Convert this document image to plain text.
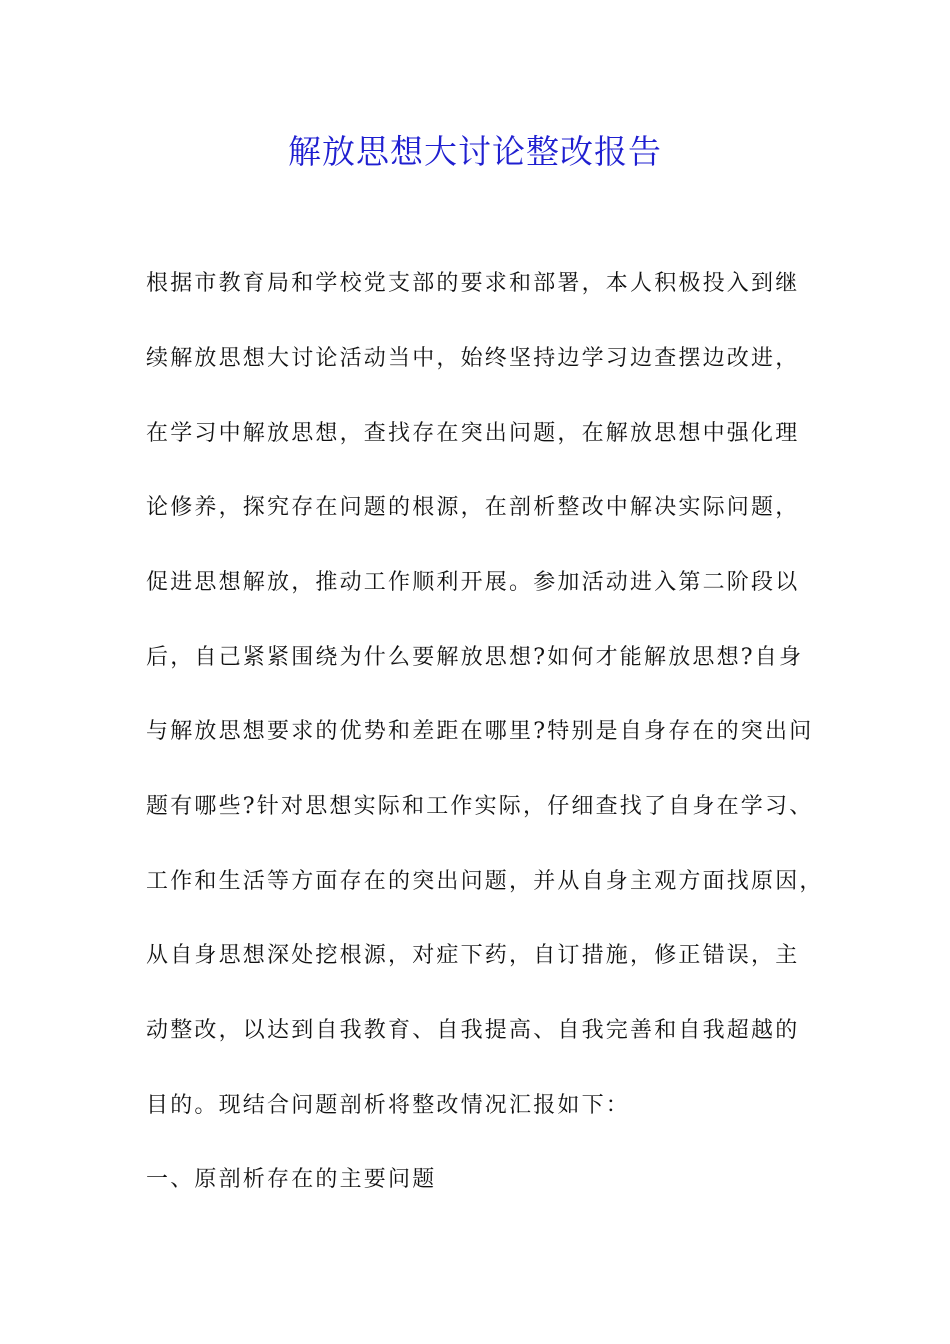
解放思想大讨论整改报告
根据市教育局和学校党支部的要求和部署，本人积极投入到继
续解放思想大讨论活动当中，始终坚持边学习边查摆边改进，
在学习中解放思想，查找存在突出问题，在解放思想中强化理
论修养，探究存在问题的根源，在剖析整改中解决实际问题，
促进思想解放，推动工作顺利开展。参加活动进入第二阶段以
后，自己紧紧围绕为什么要解放思想?如何才能解放思想?自身
与解放思想要求的优势和差距在哪里?特别是自身存在的突出问
题有哪些?针对思想实际和工作实际，仔细查找了自身在学习、
工作和生活等方面存在的突出问题，并从自身主观方面找原因，
从自身思想深处挖根源，对症下药，自订措施，修正错误，主
动整改，以达到自我教育、自我提高、自我完善和自我超越的
目的。现结合问题剖析将整改情况汇报如下：
一、原剖析存在的主要问题
